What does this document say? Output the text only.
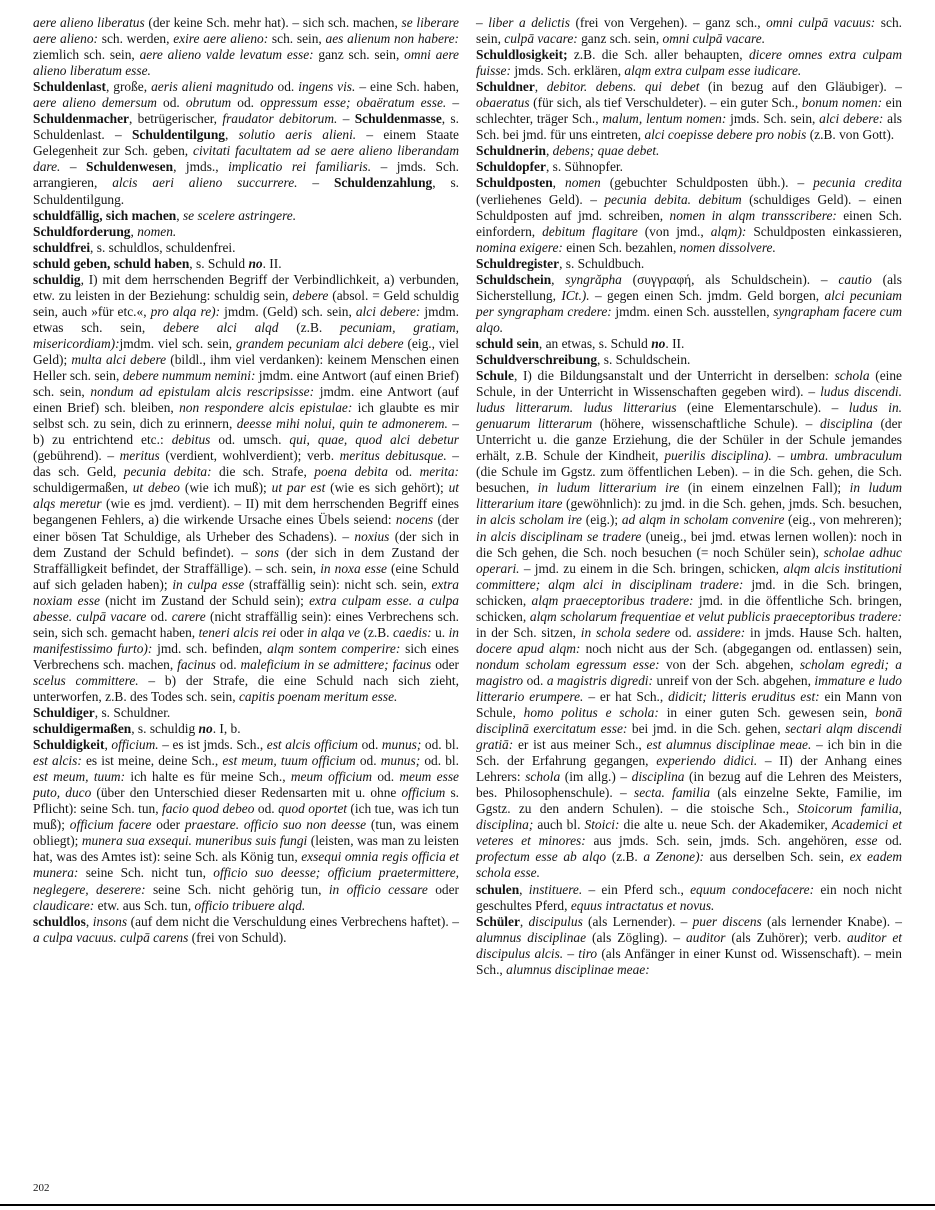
aere alieno liberatus (der keine Sch. mehr hat). – sich sch. machen, se liberare aere alieno: sch. werden, exire aere alieno: sch. sein, aes alienum non habere: ziemlich sch. sein, aere alieno valde levatum esse: ganz sch. sein, omni aere alieno liberatum esse.

Schuldenlast, große, aeris alieni magnitudo od. ingens vis. – eine Sch. haben, aere alieno demersum od. obrutum od. oppressum esse; obaëratum esse. – Schuldenmacher, betrügerischer, fraudator debitorum. – Schuldenmasse, s. Schuldenlast. – Schuldentilgung, solutio aeris alieni. – einem Staate Gelegenheit zur Sch. geben, civitati facultatem ad se aere alieno liberandam dare. – Schuldenwesen, jmds., implicatio rei familiaris. – jmds. Sch. arrangieren, alcis aeri alieno succurrere. – Schuldenzahlung, s. Schuldentilgung.

schuldfällig, sich machen, se scelere astringere.

Schuldforderung, nomen.

schuldfrei, s. schuldlos, schuldenfrei.

schuld geben, schuld haben, s. Schuld no. II.

schuldig, I) mit dem herrschenden Begriff der Verbindlichkeit, a) verbunden, etw. zu leisten in der Beziehung: schuldig sein, debere (absol. = Geld schuldig sein, auch »für etc.«, pro alqa re): jmdm. (Geld) sch. sein, alci debere: jmdm. etwas sch. sein, debere alci alqd (z.B. pecuniam, gratiam, misericordiam):jmdm. viel sch. sein, grandem pecuniam alci debere (eig., viel Geld); multa alci debere (bildl., ihm viel verdanken): keinem Menschen einen Heller sch. sein, debere nummum nemini: jmdm. eine Antwort (auf einen Brief) sch. sein, nondum ad epistulam alcis rescripsisse: jmdm. eine Antwort (auf einen Brief) sch. bleiben, non respondere alcis epistulae: ich glaubte es mir selbst sch. zu sein, dich zu erinnern, deesse mihi nolui, quin te admonerem. – b) zu entrichtend etc.: debitus od. umsch. qui, quae, quod alci debetur (gebührend). – meritus (verdient, wohlverdient); verb. meritus debitusque. – das sch. Geld, pecunia debita: die sch. Strafe, poena debita od. merita: schuldigermaßen, ut debeo (wie ich muß); ut par est (wie es sich gehört); ut alqs meretur (wie es jmd. verdient). – II) mit dem herrschenden Begriff eines begangenen Fehlers, a) die wirkende Ursache eines Übels seiend: nocens (der einer bösen Tat Schuldige, als Urheber des Schadens). – noxius (der sich in dem Zustand der Schuld befindet). – sons (der sich in dem Zustand der Straffälligkeit befindet, der Straffällige). – sch. sein, in noxa esse (eine Schuld auf sich geladen haben); in culpa esse (straffällig sein): nicht sch. sein, extra noxiam esse (nicht im Zustand der Schuld sein); extra culpam esse. a culpa abesse. culpā vacare od. carere (nicht straffällig sein): eines Verbrechens sch. sein, sich sch. gemacht haben, teneri alcis rei oder in alqa ve (z.B. caedis: u. in manifestissimo furto): jmd. sch. befinden, alqm sontem comperire: sich eines Verbrechens sch. machen, facinus od. maleficium in se admittere; facinus oder scelus committere. – b) der Strafe, die eine Schuld nach sich zieht, unterworfen, z.B. des Todes sch. sein, capitis poenam meritum esse.

Schuldiger, s. Schuldner.

schuldigermaßen, s. schuldig no. I, b.

Schuldigkeit, officium. – es ist jmds. Sch., est alcis officium od. munus; od. bl. est alcis: es ist meine, deine Sch., est meum, tuum officium od. munus; od. bl. est meum, tuum: ich halte es für meine Sch., meum officium od. meum esse puto, duco (über den Unterschied dieser Redensarten mit u. ohne officium s. Pflicht): seine Sch. tun, facio quod debeo od. quod oportet (ich tue, was ich tun muß); officium facere oder praestare. officio suo non deesse (tun, was einem obliegt); munera sua exsequi. muneribus suis fungi (leisten, was man zu leisten hat, was des Amtes ist): seine Sch. als König tun, exsequi omnia regis officia et munera: seine Sch. nicht tun, officio suo deesse; officium praetermittere, neglegere, deserere: seine Sch. nicht gehörig tun, in officio cessare oder claudicare: etw. aus Sch. tun, officio tribuere alqd.

schuldlos, insons (auf dem nicht die Verschuldung eines Verbrechens haftet). – a culpa vacuus. culpā carens (frei von Schuld).

– liber a delictis (frei von Vergehen). – ganz sch., omni culpā vacuus: sch. sein, culpā vacare: ganz sch. sein, omni culpā vacare.

Schuldlosigkeit; z.B. die Sch. aller behaupten, dicere omnes extra culpam fuisse: jmds. Sch. erklären, alqm extra culpam esse iudicare.

Schuldner, debitor. debens. qui debet (in bezug auf den Gläubiger). – obaeratus (für sich, als tief Verschuldeter). – ein guter Sch., bonum nomen: ein schlechter, träger Sch., malum, lentum nomen: jmds. Sch. sein, alci debere: als Sch. bei jmd. für uns eintreten, alci coepisse debere pro nobis (z.B. von Gott).

Schuldnerin, debens; quae debet.

Schuldopfer, s. Sühnopfer.

Schuldposten, nomen (gebuchter Schuldposten übh.). – pecunia credita (verliehenes Geld). – pecunia debita. debitum (schuldiges Geld). – einen Schuldposten auf jmd. schreiben, nomen in alqm transscribere: einen Sch. einfordern, debitum flagitare (von jmd., alqm): Schuldposten einkassieren, nomina exigere: einen Sch. bezahlen, nomen dissolvere.

Schuldregister, s. Schuldbuch.

Schuldschein, syngrăpha (συγγραφή, als Schuldschein). – cautio (als Sicherstellung, ICt.). – gegen einen Sch. jmdm. Geld borgen, alci pecuniam per syngrapham credere: jmdm. einen Sch. ausstellen, syngrapham facere cum alqo.

schuld sein, an etwas, s. Schuld no. II.

Schuldverschreibung, s. Schuldschein.

Schule, I) die Bildungsanstalt und der Unterricht in derselben: schola (eine Schule, in der Unterricht in Wissenschaften gegeben wird). – ludus discendi. ludus litterarum. ludus litterarius (eine Elementarschule). – ludus in. genuarum litterarum (höhere, wissenschaftliche Schule). – disciplina (der Unterricht u. die ganze Erziehung, die der Schüler in der Schule jemandes erhält, z.B. Schule der Kindheit, puerilis disciplina). – umbra. umbraculum (die Schule im Ggstz. zum öffentlichen Leben). – in die Sch. gehen, die Sch. besuchen, in ludum litterarium ire (in einem einzelnen Fall); in ludum litterarium itare (gewöhnlich): zu jmd. in die Sch. gehen, jmds. Sch. besuchen, in alcis scholam ire (eig.); ad alqm in scholam convenire (eig., von mehreren); in alcis disciplinam se tradere (uneig., bei jmd. etwas lernen wollen): noch in die Sch gehen, die Sch. noch besuchen (= noch Schüler sein), scholae adhuc operari. – jmd. zu einem in die Sch. bringen, schicken, alqm alcis institutioni committere; alqm alci in disciplinam tradere: jmd. in die Sch. bringen, schicken, alqm praeceptoribus tradere: jmd. in die öffentliche Sch. bringen, schicken, alqm scholarum frequentiae et velut publicis praeceptoribus tradere: in der Sch. sitzen, in schola sedere od. assidere: in jmds. Hause Sch. halten, docere apud alqm: noch nicht aus der Sch. (abgegangen od. entlassen) sein, nondum scholam egressum esse: von der Sch. abgehen, scholam egredi; a magistro od. a magistris digredi: unreif von der Sch. abgehen, immature e ludo litterario erumpere. – er hat Sch., didicit; litteris eruditus est: ein Mann von Schule, homo politus e schola: in einer guten Sch. gewesen sein, bonā disciplinā exercitatum esse: bei jmd. in die Sch. gehen, sectari alqm discendi gratiā: er ist aus meiner Sch., est alumnus disciplinae meae. – ich bin in die Sch. der Erfahrung gegangen, experiendo didici. – II) der Anhang eines Lehrers: schola (im allg.) – disciplina (in bezug auf die Lehren des Meisters, bes. Philosophenschule). – secta. familia (als einzelne Sekte, Familie, im Ggstz. zu den andern Schulen). – die stoische Sch., Stoicorum familia, disciplina; auch bl. Stoici: die alte u. neue Sch. der Akademiker, Academici et veteres et minores: aus jmds. Sch. sein, jmds. Sch. angehören, esse od. profectum esse ab alqo (z.B. a Zenone): aus derselben Sch. sein, ex eadem schola esse.

schulen, instituere. – ein Pferd sch., equum condocefacere: ein noch nicht geschultes Pferd, equus intractatus et novus.

Schüler, discipulus (als Lernender). – puer discens (als lernender Knabe). – alumnus disciplinae (als Zögling). – auditor (als Zuhörer); verb. auditor et discipulus alcis. – tiro (als Anfänger in einer Kunst od. Wissenschaft). – mein Sch., alumnus disciplinae meae:

202
